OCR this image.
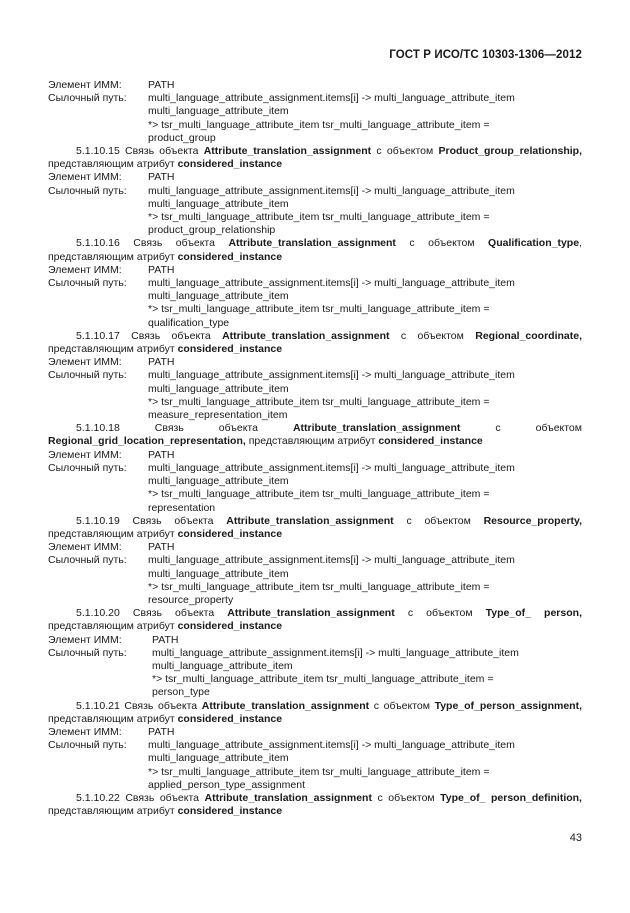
ГОСТ Р ИСО/ТС 10303-1306—2012
Элемент ИММ:	PATH
Сылочный путь:	multi_language_attribute_assignment.items[i] -> multi_language_attribute_item
multi_language_attribute_item
*> tsr_multi_language_attribute_item tsr_multi_language_attribute_item =
product_group
5.1.10.15 Связь объекта Attribute_translation_assignment с объектом Product_group_relationship, представляющим атрибут considered_instance
Элемент ИММ:	PATH
Сылочный путь:	multi_language_attribute_assignment.items[i] -> multi_language_attribute_item
multi_language_attribute_item
*> tsr_multi_language_attribute_item tsr_multi_language_attribute_item =
product_group_relationship
5.1.10.16 Связь объекта Attribute_translation_assignment с объектом Qualification_type, представляющим атрибут considered_instance
Элемент ИММ:	PATH
Сылочный путь:	multi_language_attribute_assignment.items[i] -> multi_language_attribute_item
multi_language_attribute_item
*> tsr_multi_language_attribute_item tsr_multi_language_attribute_item =
qualification_type
5.1.10.17 Связь объекта Attribute_translation_assignment с объектом Regional_coordinate, представляющим атрибут considered_instance
Элемент ИММ:	PATH
Сылочный путь:	multi_language_attribute_assignment.items[i] -> multi_language_attribute_item
multi_language_attribute_item
*> tsr_multi_language_attribute_item tsr_multi_language_attribute_item =
measure_representation_item
5.1.10.18 Связь объекта Attribute_translation_assignment с объектом Regional_grid_location_representation, представляющим атрибут considered_instance
Элемент ИММ:	PATH
Сылочный путь:	multi_language_attribute_assignment.items[i] -> multi_language_attribute_item
multi_language_attribute_item
*> tsr_multi_language_attribute_item tsr_multi_language_attribute_item =
representation
5.1.10.19 Связь объекта Attribute_translation_assignment с объектом Resource_property, представляющим атрибут considered_instance
Элемент ИММ:	PATH
Сылочный путь:	multi_language_attribute_assignment.items[i] -> multi_language_attribute_item
multi_language_attribute_item
*> tsr_multi_language_attribute_item tsr_multi_language_attribute_item =
resource_property
5.1.10.20 Связь объекта Attribute_translation_assignment с объектом Type_of_ person, представляющим атрибут considered_instance
Элемент ИММ:	PATH
Сылочный путь:	multi_language_attribute_assignment.items[i] -> multi_language_attribute_item
multi_language_attribute_item
*> tsr_multi_language_attribute_item tsr_multi_language_attribute_item =
person_type
5.1.10.21 Связь объекта Attribute_translation_assignment с объектом Type_of_person_assignment, представляющим атрибут considered_instance
Элемент ИММ:	PATH
Сылочный путь:	multi_language_attribute_assignment.items[i] -> multi_language_attribute_item
multi_language_attribute_item
*> tsr_multi_language_attribute_item tsr_multi_language_attribute_item =
applied_person_type_assignment
5.1.10.22 Связь объекта Attribute_translation_assignment с объектом Type_of_ person_definition, представляющим атрибут considered_instance
43
